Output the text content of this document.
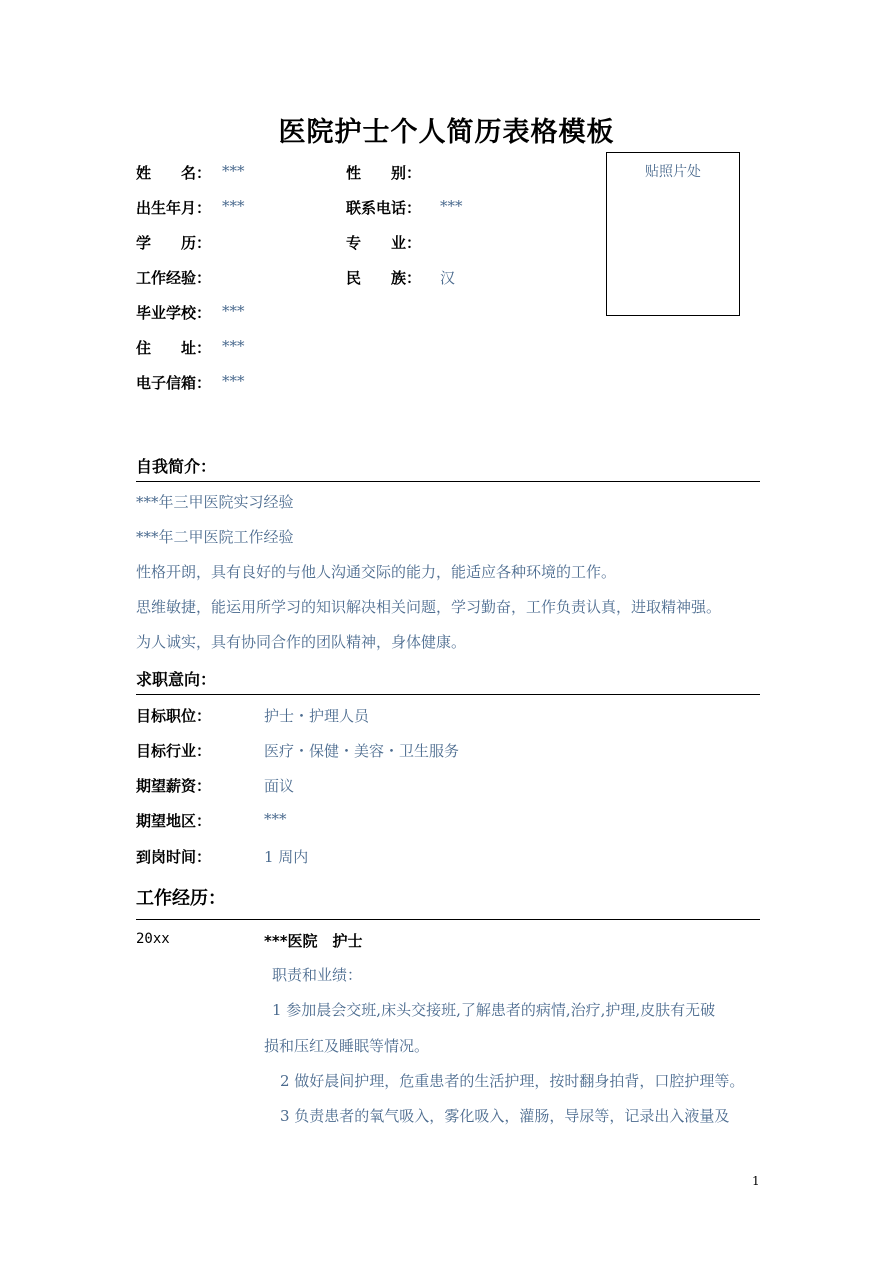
医院护士个人简历表格模板
姓　　名： ***	性　　别：
出生年月： ***	联系电话： ***
学　　历：	专　　业：
工作经验：	民　　族： 汉
毕业学校： ***
住　　址： ***
电子信箱： ***
贴照片处
自我简介：
***年三甲医院实习经验
***年二甲医院工作经验
性格开朗，具有良好的与他人沟通交际的能力，能适应各种环境的工作。
思维敏捷，能运用所学习的知识解决相关问题，学习勤奋，工作负责认真，进取精神强。
为人诚实，具有协同合作的团队精神，身体健康。
求职意向：
目标职位：	护士・护理人员
目标行业：	医疗・保健・美容・卫生服务
期望薪资：	面议
期望地区：	***
到岗时间：	1 周内
工作经历：
20xx	***医院　护士
职责和业绩：
1 参加晨会交班,床头交接班,了解患者的病情,治疗,护理,皮肤有无破
损和压红及睡眠等情况。
2 做好晨间护理，危重患者的生活护理，按时翻身拍背，口腔护理等。
3 负责患者的氧气吸入，雾化吸入，灌肠，导尿等，记录出入液量及
1
